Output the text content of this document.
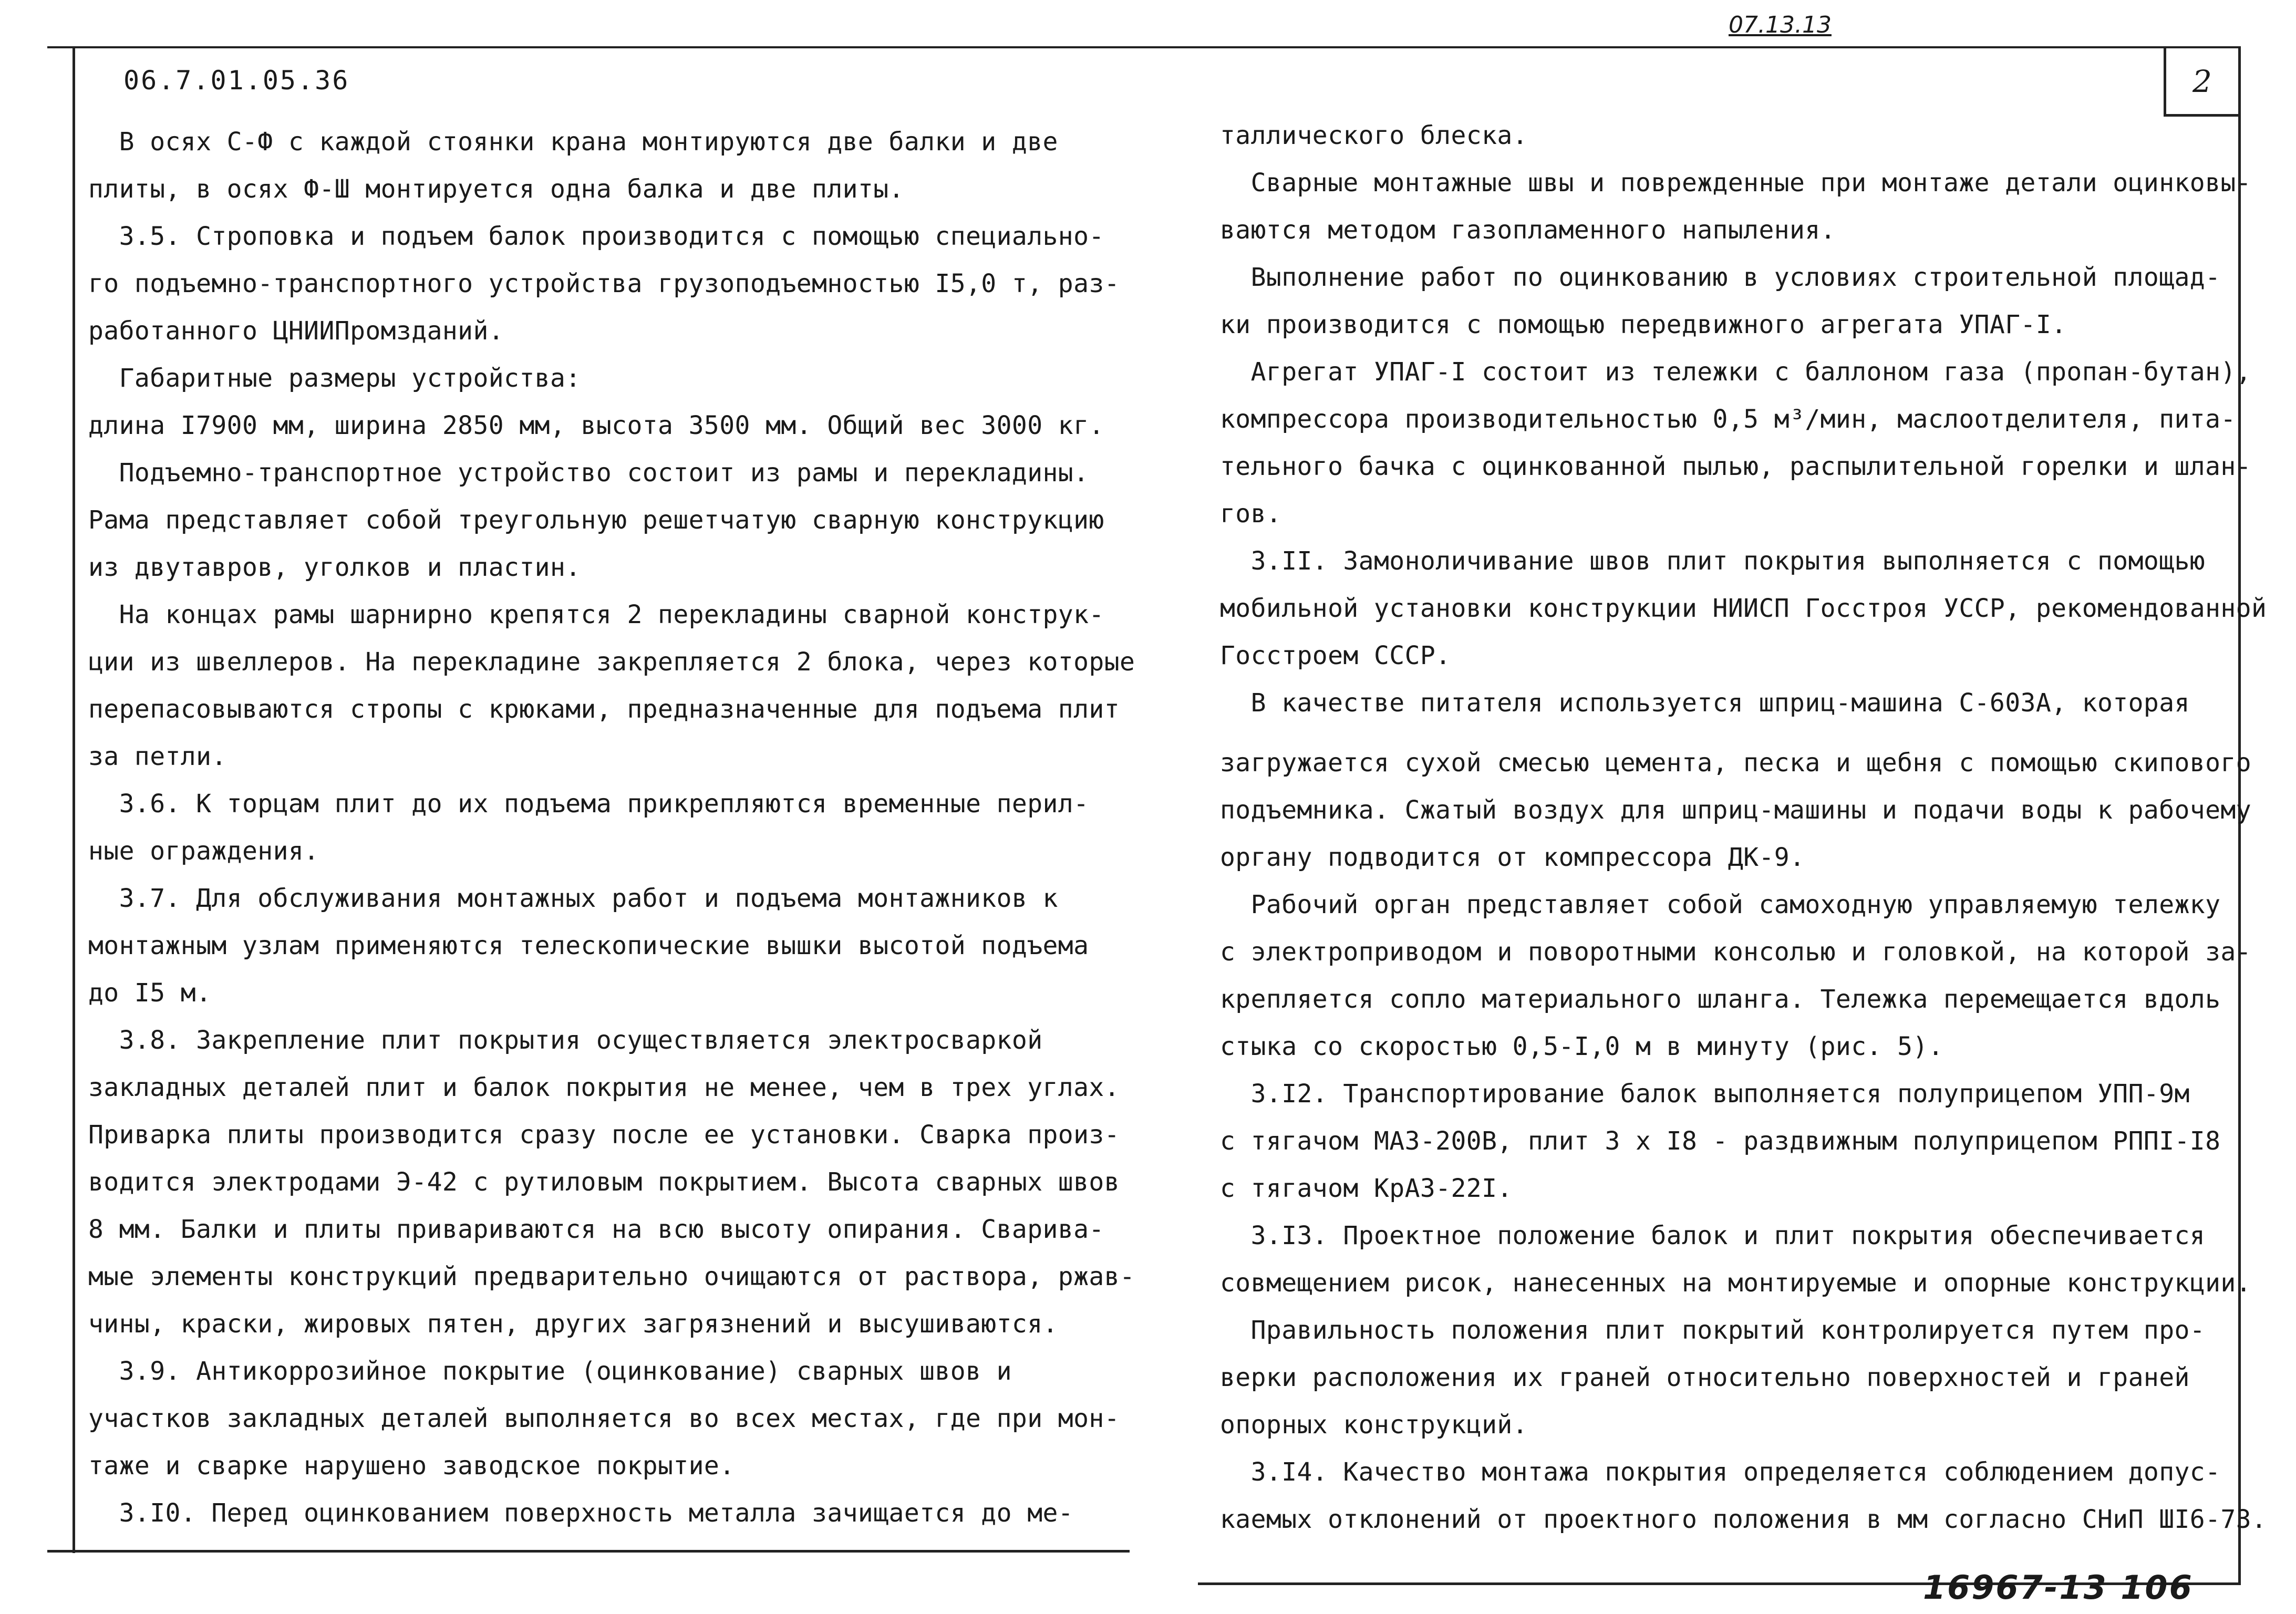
07.13.13
06.7.01.05.36	2
16967-13 106
В осях С-Ф с каждой стоянки крана монтируются две балки и две
плиты, в осях Ф-Ш монтируется одна балка и две плиты.
3.5. Строповка и подъем балок производится с помощью специально-
го подъемно-транспортного устройства грузоподъемностью I5,0 т, раз-
работанного ЦНИИПромзданий.
Габаритные размеры устройства:
длина I7900 мм, ширина 2850 мм, высота 3500 мм. Общий вес 3000 кг.
Подъемно-транспортное устройство состоит из рамы и перекладины.
Рама представляет собой треугольную решетчатую сварную конструкцию
из двутавров, уголков и пластин.
На концах рамы шарнирно крепятся 2 перекладины сварной конструк-
ции из швеллеров. На перекладине закрепляется 2 блока, через которые
перепасовываются стропы с крюками, предназначенные для подъема плит
за петли.
3.6. К торцам плит до их подъема прикрепляются временные перил-
ные ограждения.
3.7. Для обслуживания монтажных работ и подъема монтажников к
монтажным узлам применяются телескопические вышки высотой подъема
до I5 м.
3.8. Закрепление плит покрытия осуществляется электросваркой
закладных деталей плит и балок покрытия не менее, чем в трех углах.
Приварка плиты производится сразу после ее установки. Сварка произ-
водится электродами Э-42 с рутиловым покрытием. Высота сварных швов
8 мм. Балки и плиты привариваются на всю высоту опирания. Сварива-
мые элементы конструкций предварительно очищаются от раствора, ржав-
чины, краски, жировых пятен, других загрязнений и высушиваются.
3.9. Антикоррозийное покрытие (оцинкование) сварных швов и
участков закладных деталей выполняется во всех местах, где при мон-
таже и сварке нарушено заводское покрытие.
3.I0. Перед оцинкованием поверхность металла зачищается до ме-
таллического блеска.
Сварные монтажные швы и поврежденные при монтаже детали оцинковы-
ваются методом газопламенного напыления.
Выполнение работ по оцинкованию в условиях строительной площад-
ки производится с помощью передвижного агрегата УПАГ-I.
Агрегат УПАГ-I состоит из тележки с баллоном газа (пропан-бутан),
компрессора производительностью 0,5 м³/мин, маслоотделителя, пита-
тельного бачка с оцинкованной пылью, распылительной горелки и шлан-
гов.
3.II. Замоноличивание швов плит покрытия выполняется с помощью
мобильной установки конструкции НИИСП Госстроя УССР, рекомендованной
Госстроем СССР.
В качестве питателя используется шприц-машина С-603А, которая
загружается сухой смесью цемента, песка и щебня с помощью скипового
подъемника. Сжатый воздух для шприц-машины и подачи воды к рабочему
органу подводится от компрессора ДК-9.
Рабочий орган представляет собой самоходную управляемую тележку
с электроприводом и поворотными консолью и головкой, на которой за-
крепляется сопло материального шланга. Тележка перемещается вдоль
стыка со скоростью 0,5-I,0 м в минуту (рис. 5).
3.I2. Транспортирование балок выполняется полуприцепом УПП-9м
с тягачом МАЗ-200В, плит 3 х I8 - раздвижным полуприцепом РППI-I8
с тягачом КрАЗ-22I.
3.I3. Проектное положение балок и плит покрытия обеспечивается
совмещением рисок, нанесенных на монтируемые и опорные конструкции.
Правильность положения плит покрытий контролируется путем про-
верки расположения их граней относительно поверхностей и граней
опорных конструкций.
3.I4. Качество монтажа покрытия определяется соблюдением допус-
каемых отклонений от проектного положения в мм согласно СНиП ШI6-73.
